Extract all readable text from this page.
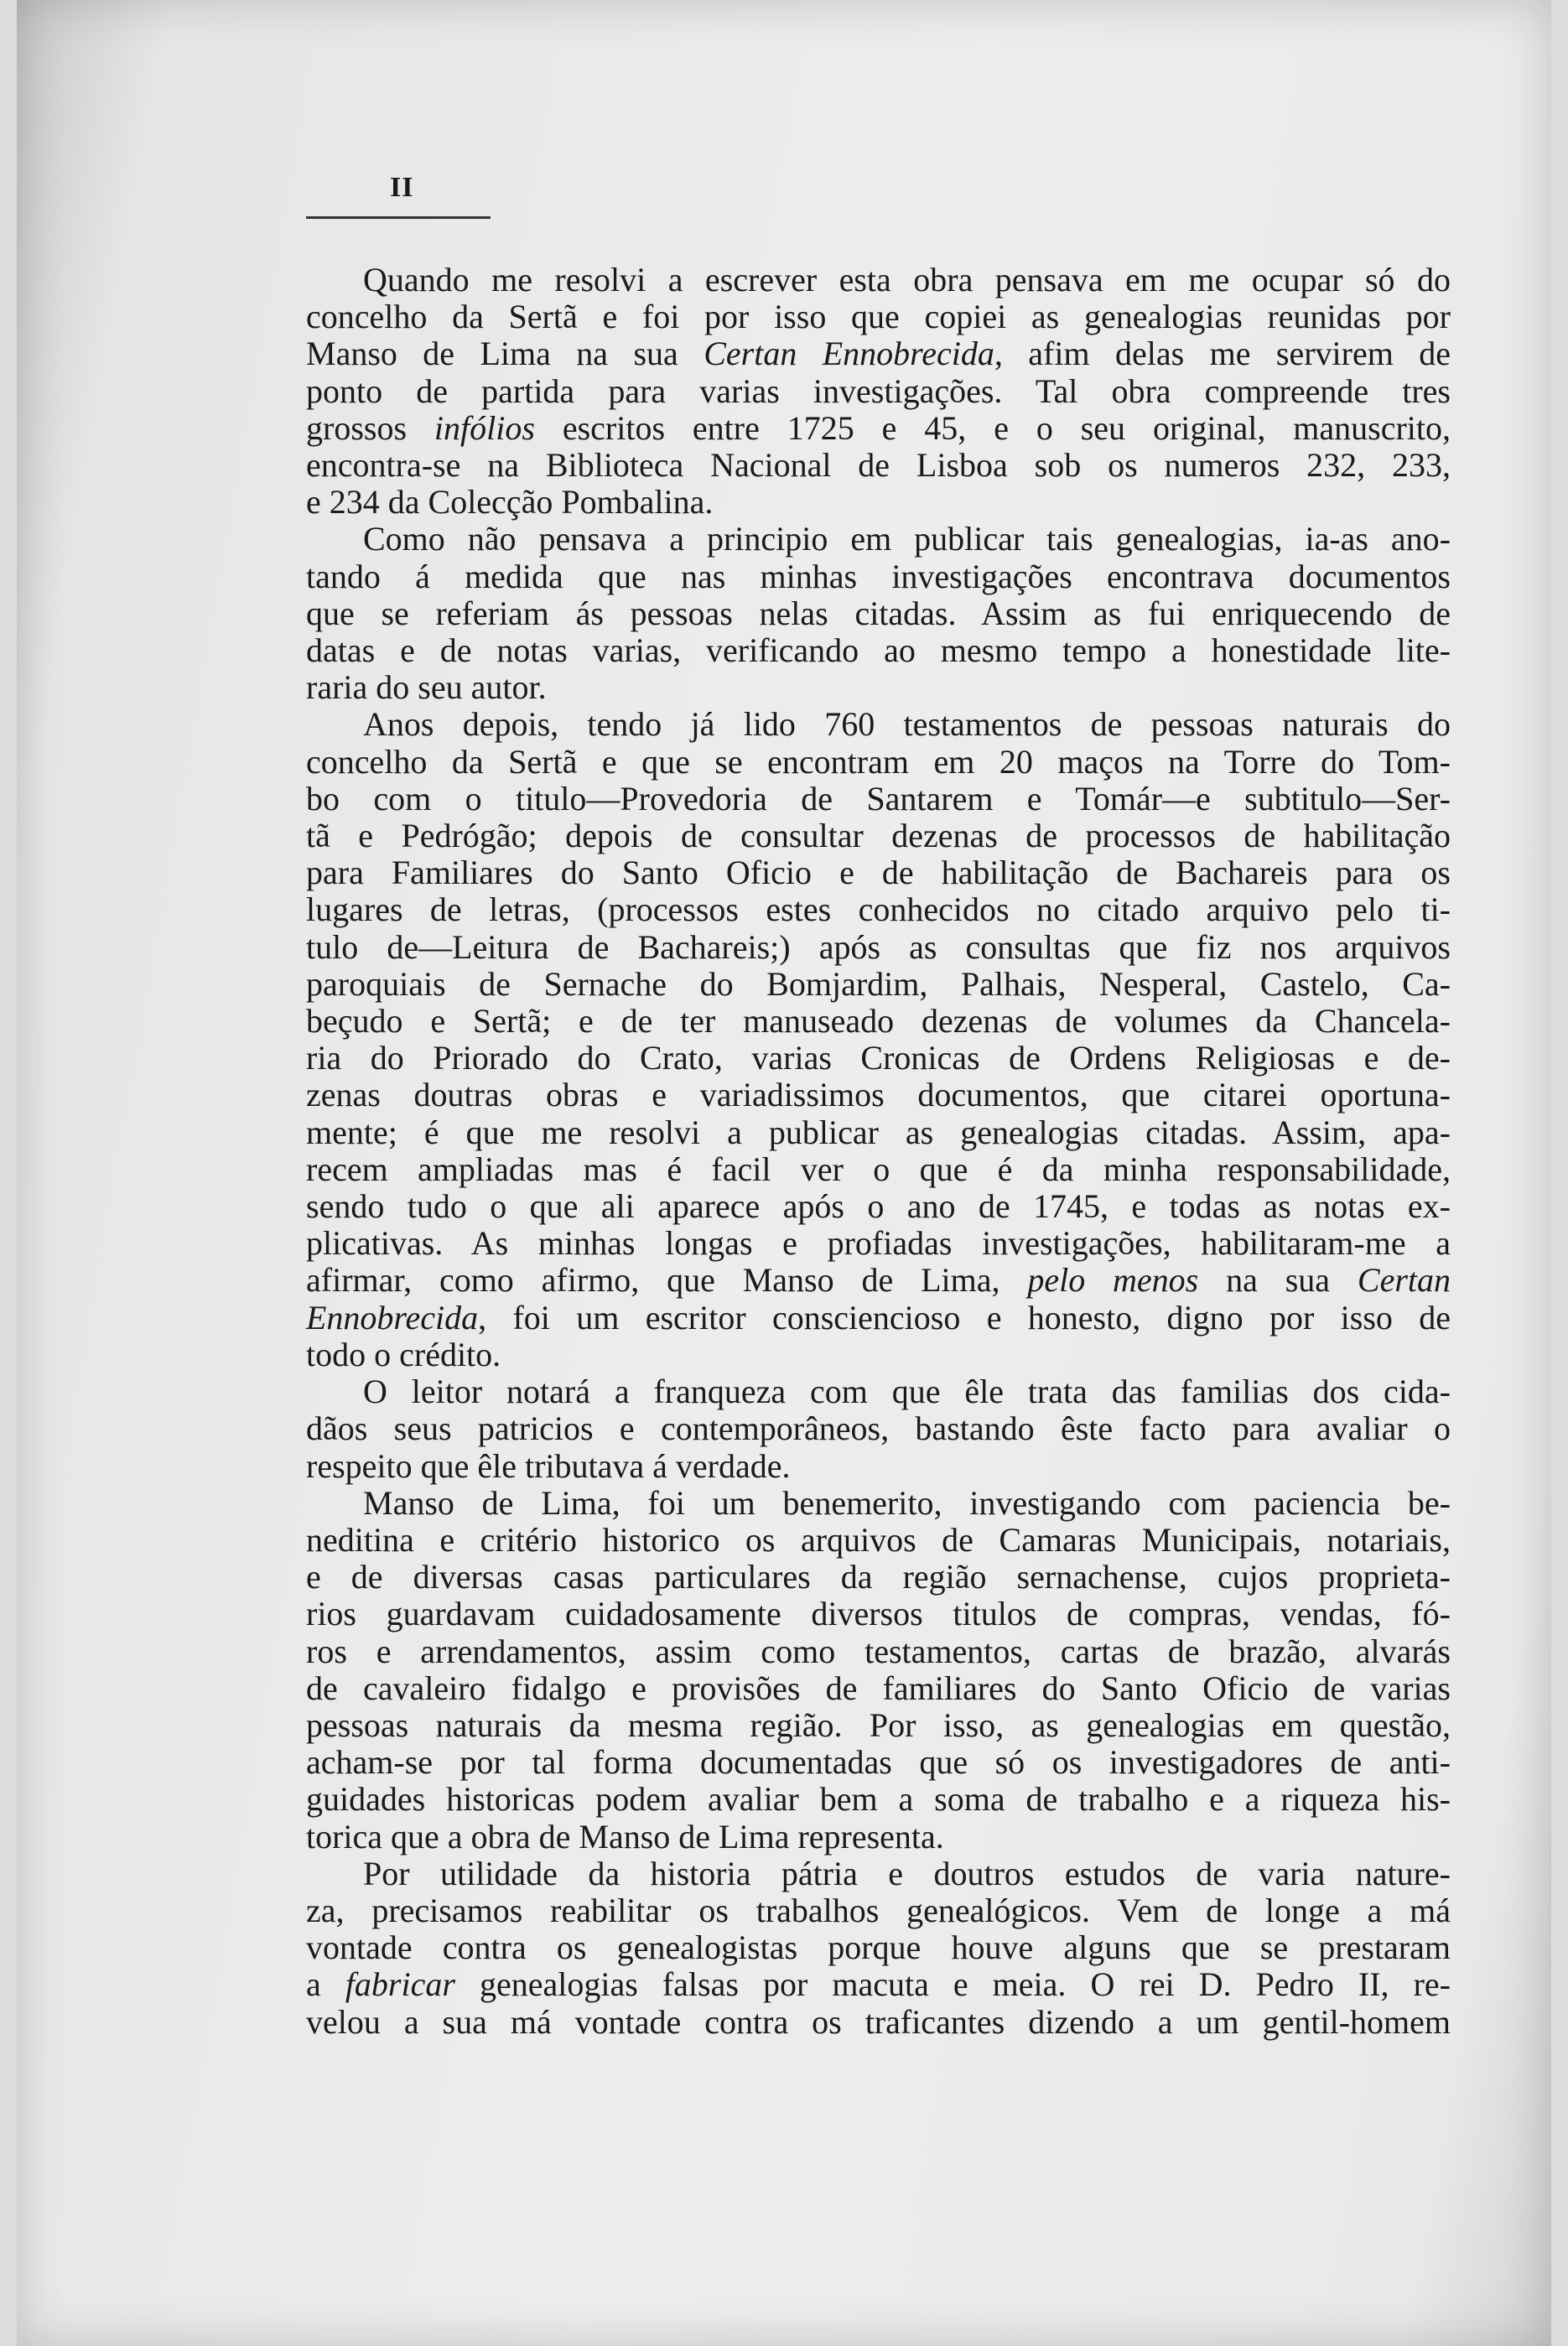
II
Quando me resolvi a escrever esta obra pensava em me ocupar só do
concelho da Sertã e foi por isso que copiei as genealogias reunidas por
Manso de Lima na sua Certan Ennobrecida, afim delas me servirem de
ponto de partida para varias investigações. Tal obra compreende tres
grossos infólios escritos entre 1725 e 45, e o seu original, manuscrito,
encontra-se na Biblioteca Nacional de Lisboa sob os numeros 232, 233,
e 234 da Colecção Pombalina.
Como não pensava a principio em publicar tais genealogias, ia-as ano-
tando á medida que nas minhas investigações encontrava documentos
que se referiam ás pessoas nelas citadas. Assim as fui enriquecendo de
datas e de notas varias, verificando ao mesmo tempo a honestidade lite-
raria do seu autor.
Anos depois, tendo já lido 760 testamentos de pessoas naturais do
concelho da Sertã e que se encontram em 20 maços na Torre do Tom-
bo com o titulo—Provedoria de Santarem e Tomár—e subtitulo—Ser-
tã e Pedrógão; depois de consultar dezenas de processos de habilitação
para Familiares do Santo Oficio e de habilitação de Bachareis para os
lugares de letras, (processos estes conhecidos no citado arquivo pelo ti-
tulo de—Leitura de Bachareis;) após as consultas que fiz nos arquivos
paroquiais de Sernache do Bomjardim, Palhais, Nesperal, Castelo, Ca-
beçudo e Sertã; e de ter manuseado dezenas de volumes da Chancela-
ria do Priorado do Crato, varias Cronicas de Ordens Religiosas e de-
zenas doutras obras e variadissimos documentos, que citarei oportuna-
mente; é que me resolvi a publicar as genealogias citadas. Assim, apa-
recem ampliadas mas é facil ver o que é da minha responsabilidade,
sendo tudo o que ali aparece após o ano de 1745, e todas as notas ex-
plicativas. As minhas longas e profiadas investigações, habilitaram-me a
afirmar, como afirmo, que Manso de Lima, pelo menos na sua Certan
Ennobrecida, foi um escritor consciencioso e honesto, digno por isso de
todo o crédito.
O leitor notará a franqueza com que êle trata das familias dos cida-
dãos seus patricios e contemporâneos, bastando êste facto para avaliar o
respeito que êle tributava á verdade.
Manso de Lima, foi um benemerito, investigando com paciencia be-
neditina e critério historico os arquivos de Camaras Municipais, notariais,
e de diversas casas particulares da região sernachense, cujos proprieta-
rios guardavam cuidadosamente diversos titulos de compras, vendas, fó-
ros e arrendamentos, assim como testamentos, cartas de brazão, alvarás
de cavaleiro fidalgo e provisões de familiares do Santo Oficio de varias
pessoas naturais da mesma região. Por isso, as genealogias em questão,
acham-se por tal forma documentadas que só os investigadores de anti-
guidades historicas podem avaliar bem a soma de trabalho e a riqueza his-
torica que a obra de Manso de Lima representa.
Por utilidade da historia pátria e doutros estudos de varia nature-
za, precisamos reabilitar os trabalhos genealógicos. Vem de longe a má
vontade contra os genealogistas porque houve alguns que se prestaram
a fabricar genealogias falsas por macuta e meia. O rei D. Pedro II, re-
velou a sua má vontade contra os traficantes dizendo a um gentil-homem
